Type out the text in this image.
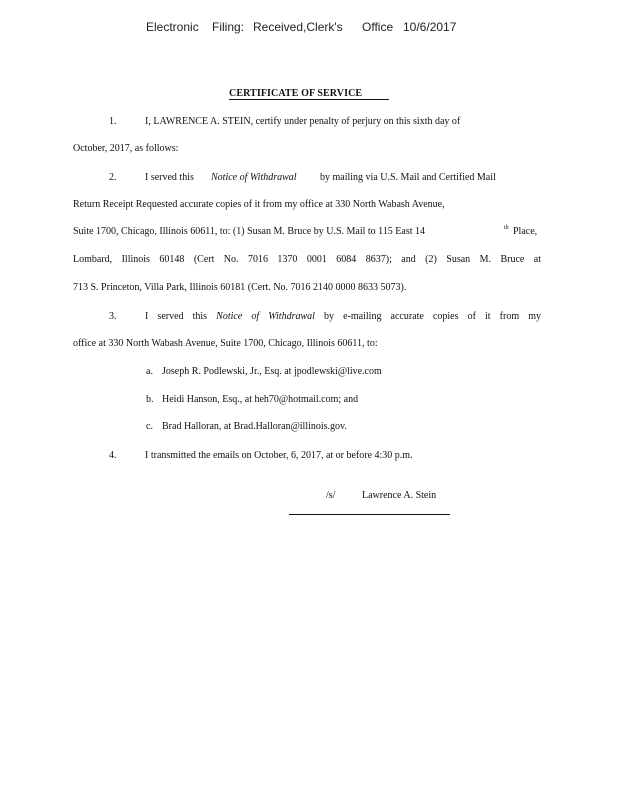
Electronic Filing: Received,Clerk's Office 10/6/2017
CERTIFICATE OF SERVICE
1.	I, LAWRENCE A. STEIN, certify under penalty of perjury on this sixth day of
October, 2017, as follows:
2.	I served this Notice of Withdrawal by mailing via U.S. Mail and Certified Mail
Return Receipt Requested accurate copies of it from my office at 330 North Wabash Avenue,
Suite 1700, Chicago, Illinois 60611, to: (1) Susan M. Bruce by U.S. Mail to 115 East 14	th Place,
Lombard, Illinois 60148 (Cert No. 7016 1370 0001 6084 8637); and (2) Susan M. Bruce at
713 S. Princeton, Villa Park, Illinois 60181 (Cert. No. 7016 2140 0000 8633 5073).
3.	I served this Notice of Withdrawal by e-mailing accurate copies of it from my
office at 330 North Wabash Avenue, Suite 1700, Chicago, Illinois 60611, to:
a. Joseph R. Podlewski, Jr., Esq. at jpodlewski@live.com
b. Heidi Hanson, Esq., at heh70@hotmail.com; and
c. Brad Halloran, at Brad.Halloran@illinois.gov.
4.	I transmitted the emails on October, 6, 2017, at or before 4:30 p.m.
/s/	Lawrence A. Stein
